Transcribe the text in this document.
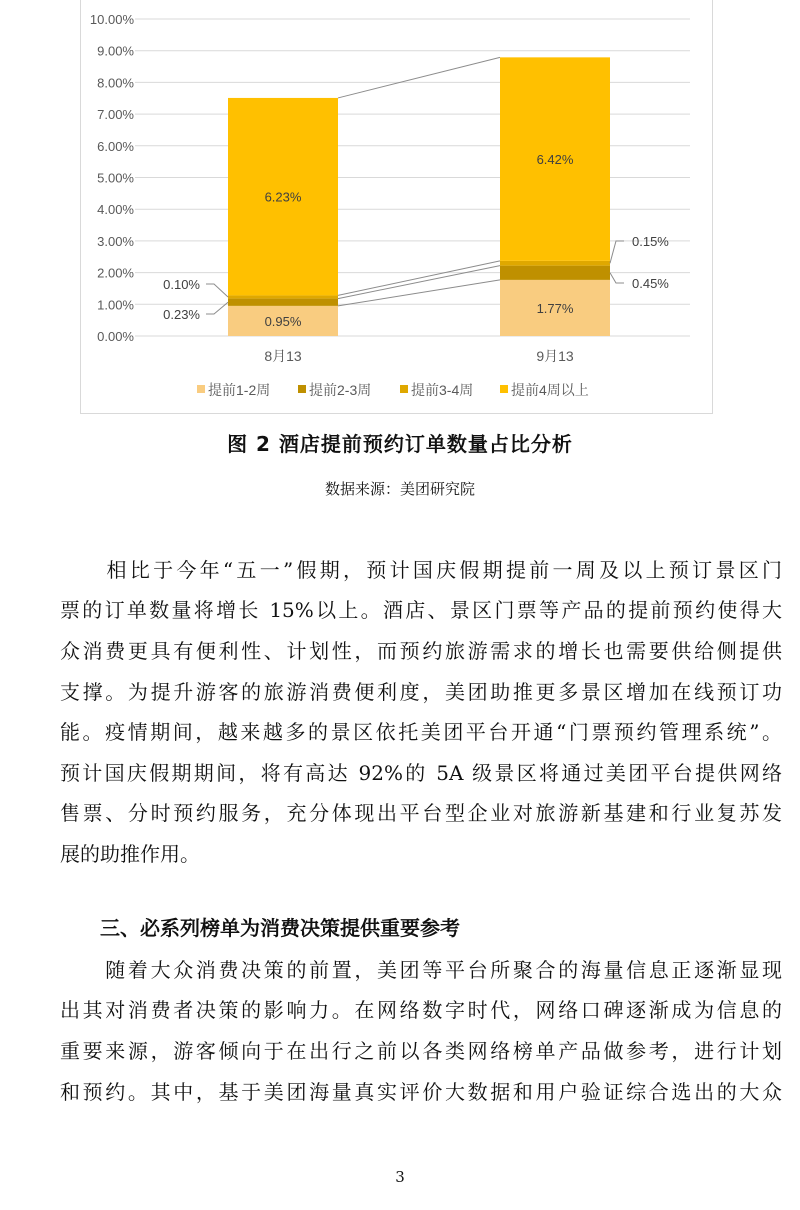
0.00%
1.00%
2.00%
3.00%
4.00%
5.00%
6.00%
7.00%
8.00%
9.00%
10.00%
8月13	9月13
0.95%
1.77%
6.23%
6.42%
0.23%
0.10%
0.15%
0.45%
提前1-2周	提前2-3周	提前3-4周	提前4周以上
图 2 酒店提前预约订单数量占比分析
数据来源：美团研究院
　　相比于今年“五一”假期，预计国庆假期提前一周及以上预订景区门
票的订单数量将增长 15%以上。酒店、景区门票等产品的提前预约使得大
众消费更具有便利性、计划性，而预约旅游需求的增长也需要供给侧提供
支撑。为提升游客的旅游消费便利度，美团助推更多景区增加在线预订功
能。疫情期间，越来越多的景区依托美团平台开通“门票预约管理系统”。
预计国庆假期期间，将有高达 92%的 5A 级景区将通过美团平台提供网络
售票、分时预约服务，充分体现出平台型企业对旅游新基建和行业复苏发
展的助推作用。
　　三、必系列榜单为消费决策提供重要参考
　　随着大众消费决策的前置，美团等平台所聚合的海量信息正逐渐显现
出其对消费者决策的影响力。在网络数字时代，网络口碑逐渐成为信息的
重要来源，游客倾向于在出行之前以各类网络榜单产品做参考，进行计划
和预约。其中，基于美团海量真实评价大数据和用户验证综合选出的大众
3
